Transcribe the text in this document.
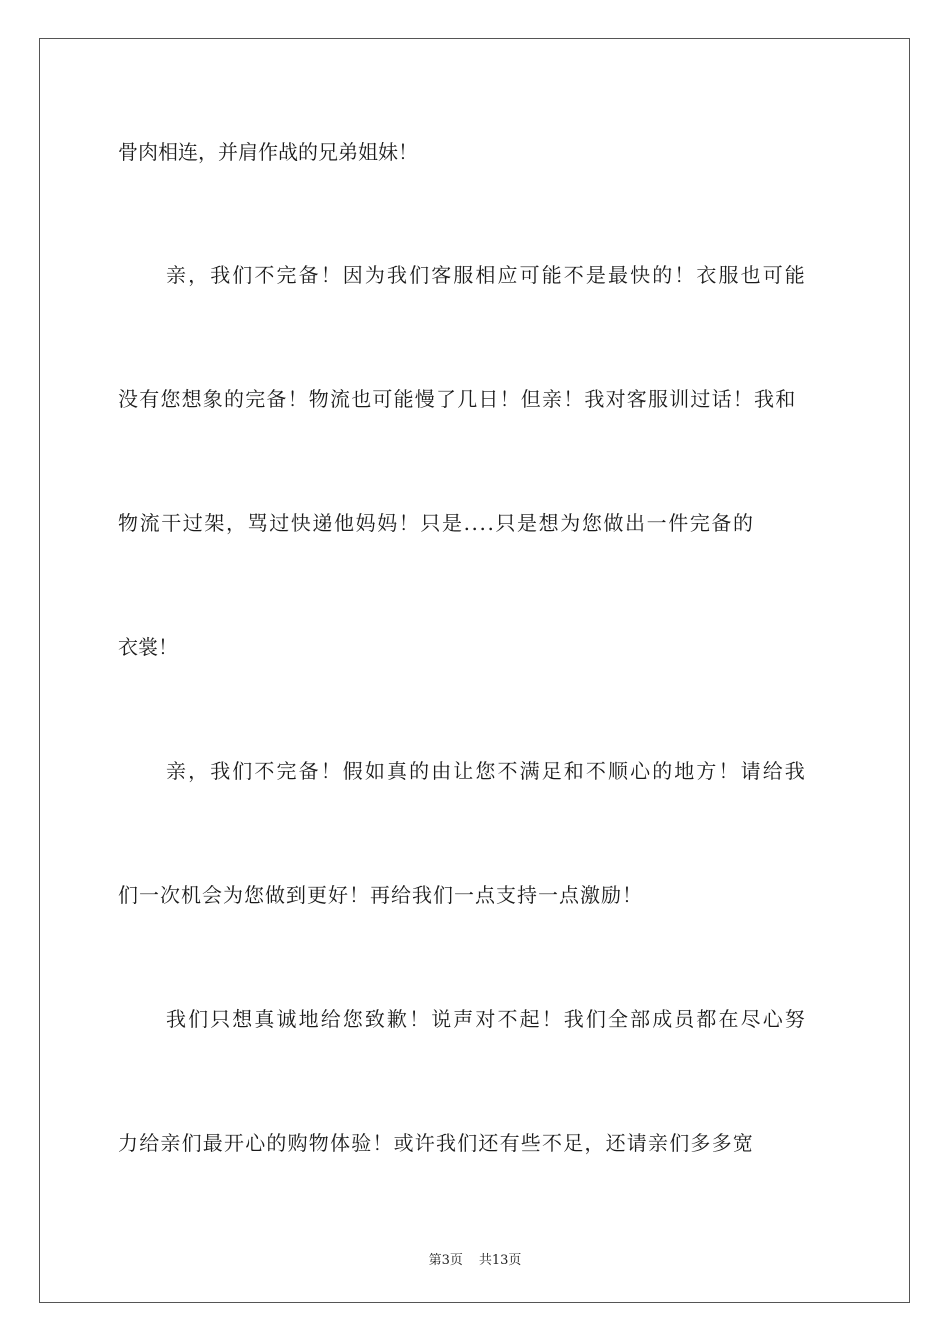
骨肉相连，并肩作战的兄弟姐妹！
亲，我们不完备！因为我们客服相应可能不是最快的！衣服也可能
没有您想象的完备！物流也可能慢了几日！但亲！我对客服训过话！我和
物流干过架，骂过快递他妈妈！只是....只是想为您做出一件完备的
衣裳！
亲，我们不完备！假如真的由让您不满足和不顺心的地方！请给我
们一次机会为您做到更好！再给我们一点支持一点激励！
我们只想真诚地给您致歉！说声对不起！我们全部成员都在尽心努
力给亲们最开心的购物体验！或许我们还有些不足，还请亲们多多宽
第3页 共13页
